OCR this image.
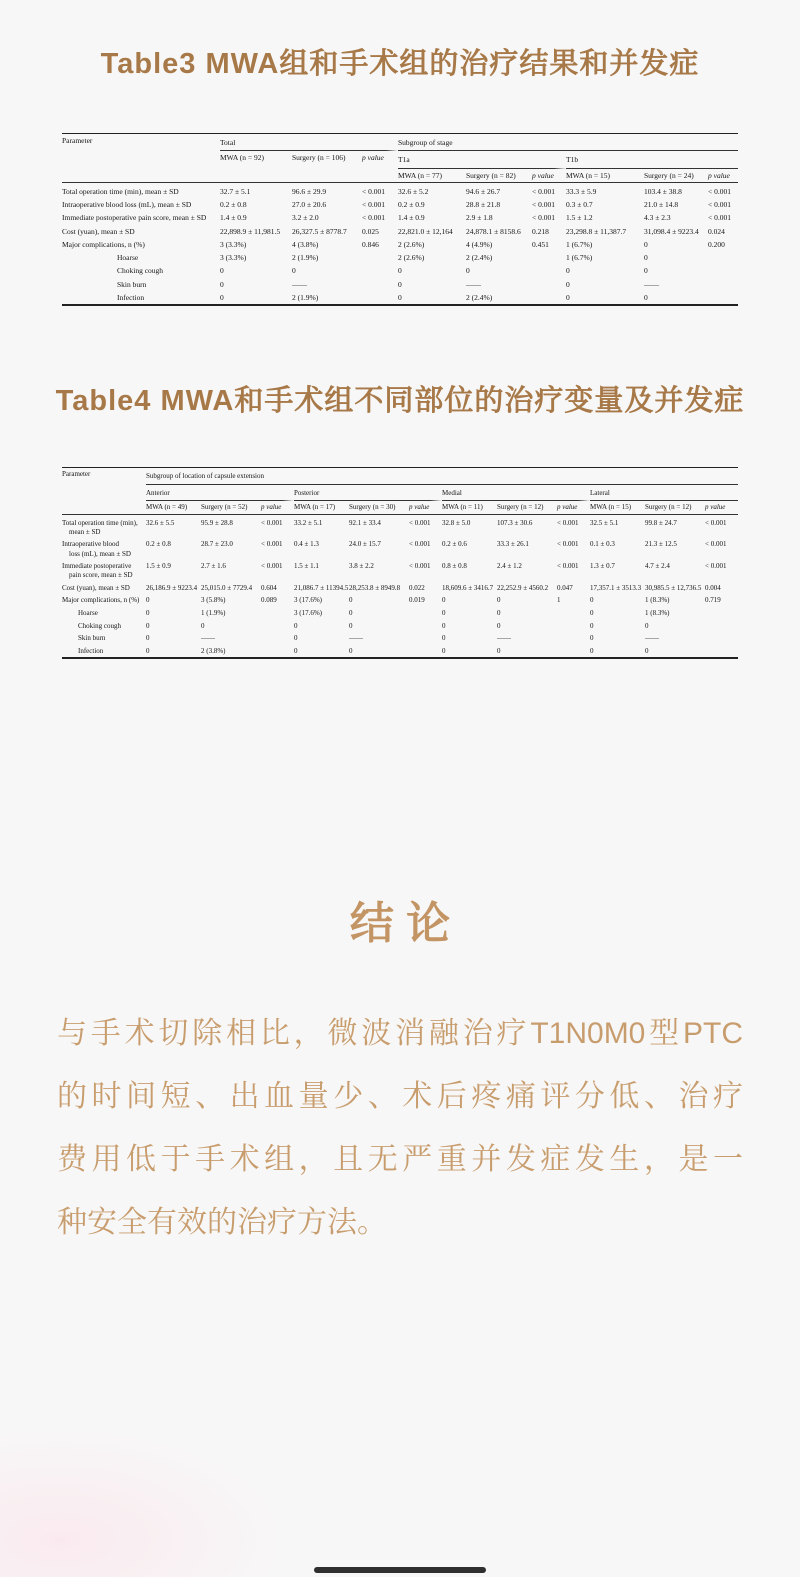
Table3 MWA组和手术组的治疗结果和并发症
Parameter	Total			Subgroup of stage					
	MWA (n = 92)	Surgery (n = 106)	p value	T1a			T1b		
				MWA (n = 77)	Surgery (n = 82)	p value	MWA (n = 15)	Surgery (n = 24)	p value
Total operation time (min), mean ± SD	32.7 ± 5.1	96.6 ± 29.9	< 0.001	32.6 ± 5.2	94.6 ± 26.7	< 0.001	33.3 ± 5.9	103.4 ± 38.8	< 0.001
Intraoperative blood loss (mL), mean ± SD	0.2 ± 0.8	27.0 ± 20.6	< 0.001	0.2 ± 0.9	28.8 ± 21.8	< 0.001	0.3 ± 0.7	21.0 ± 14.8	< 0.001
Immediate postoperative pain score, mean ± SD	1.4 ± 0.9	3.2 ± 2.0	< 0.001	1.4 ± 0.9	2.9 ± 1.8	< 0.001	1.5 ± 1.2	4.3 ± 2.3	< 0.001
Cost (yuan), mean ± SD	22,898.9 ± 11,981.5	26,327.5 ± 8778.7	0.025	22,821.0 ± 12,164	24,878.1 ± 8158.6	0.218	23,298.8 ± 11,387.7	31,098.4 ± 9223.4	0.024
Major complications, n (%)	3 (3.3%)	4 (3.8%)	0.846	2 (2.6%)	4 (4.9%)	0.451	1 (6.7%)	0	0.200
Hoarse	3 (3.3%)	2 (1.9%)		2 (2.6%)	2 (2.4%)		1 (6.7%)	0	
Choking cough	0	0		0	0		0	0	
Skin burn	0	——		0	——		0	——	
Infection	0	2 (1.9%)		0	2 (2.4%)		0	0	
Table4 MWA和手术组不同部位的治疗变量及并发症
Parameter	Subgroup of location of capsule extension											
	Anterior			Posterior			Medial			Lateral		
	MWA (n = 49)	Surgery (n = 52)	p value	MWA (n = 17)	Surgery (n = 30)	p value	MWA (n = 11)	Surgery (n = 12)	p value	MWA (n = 15)	Surgery (n = 12)	p value
Total operation time (min),
mean ± SD	32.6 ± 5.5	95.9 ± 28.8	< 0.001	33.2 ± 5.1	92.1 ± 33.4	< 0.001	32.8 ± 5.0	107.3 ± 30.6	< 0.001	32.5 ± 5.1	99.8 ± 24.7	< 0.001
Intraoperative blood
loss (mL), mean ± SD	0.2 ± 0.8	28.7 ± 23.0	< 0.001	0.4 ± 1.3	24.0 ± 15.7	< 0.001	0.2 ± 0.6	33.3 ± 26.1	< 0.001	0.1 ± 0.3	21.3 ± 12.5	< 0.001
Immediate postoperative
pain score, mean ± SD	1.5 ± 0.9	2.7 ± 1.6	< 0.001	1.5 ± 1.1	3.8 ± 2.2	< 0.001	0.8 ± 0.8	2.4 ± 1.2	< 0.001	1.3 ± 0.7	4.7 ± 2.4	< 0.001
Cost (yuan), mean ± SD	26,186.9 ± 9223.4	25,015.0 ± 7729.4	0.604	21,086.7 ± 11394.5	28,253.8 ± 8949.8	0.022	18,609.6 ± 3416.7	22,252.9 ± 4560.2	0.047	17,357.1 ± 3513.3	30,985.5 ± 12,736.5	0.004
Major complications, n (%)	0	3 (5.8%)	0.089	3 (17.6%)	0	0.019	0	0	1	0	1 (8.3%)	0.719
Hoarse	0	1 (1.9%)		3 (17.6%)	0		0	0		0	1 (8.3%)	
Choking cough	0	0		0	0		0	0		0	0	
Skin burn	0	——		0	——		0	——		0	——	
Infection	0	2 (3.8%)		0	0		0	0		0	0	
结 论
与手术切除相比，微波消融治疗T1N0M0型PTC
的时间短、出血量少、术后疼痛评分低、治疗
费用低于手术组，且无严重并发症发生，是一
种安全有效的治疗方法。
